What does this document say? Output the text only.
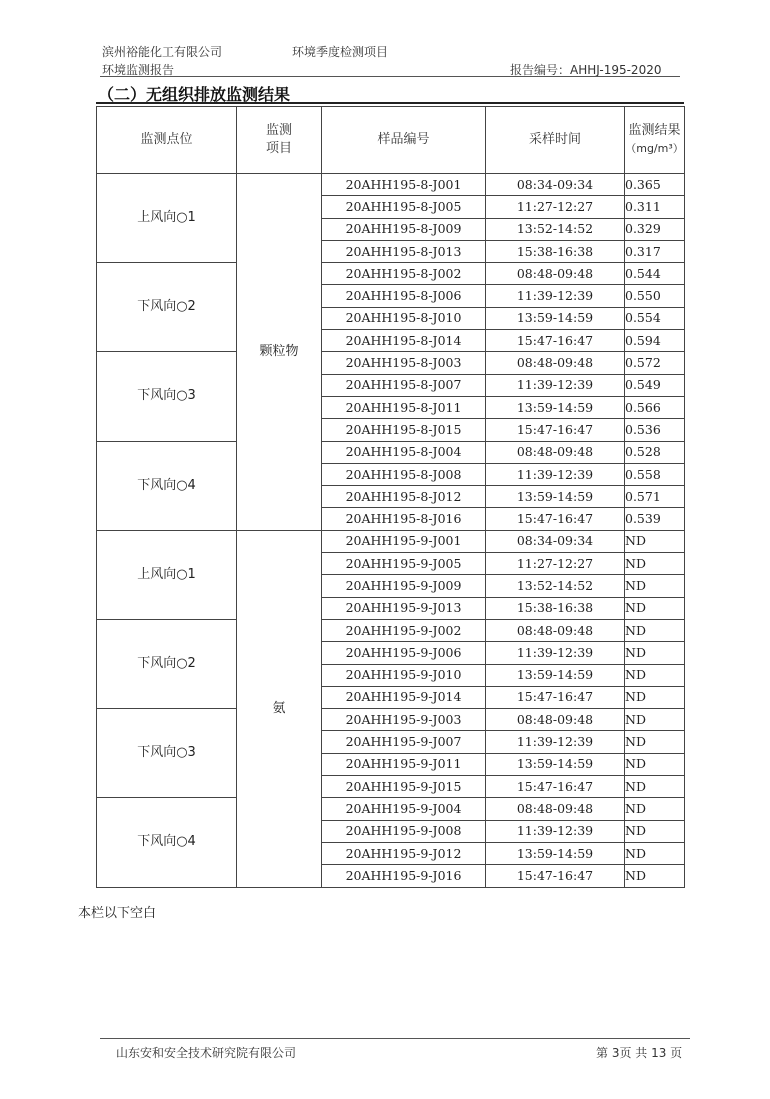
滨州裕能化工有限公司	环境季度检测项目
环境监测报告	报告编号：AHHJ-195-2020
（二）无组织排放监测结果
监测点位	监测项目	样品编号	采样时间	监测结果
（mg/m³）
上风向○1	颗粒物	20AHH195-8-J001	08:34-09:34	0.365
		20AHH195-8-J005	11:27-12:27	0.311
		20AHH195-8-J009	13:52-14:52	0.329
		20AHH195-8-J013	15:38-16:38	0.317
下风向○2		20AHH195-8-J002	08:48-09:48	0.544
		20AHH195-8-J006	11:39-12:39	0.550
		20AHH195-8-J010	13:59-14:59	0.554
		20AHH195-8-J014	15:47-16:47	0.594
下风向○3		20AHH195-8-J003	08:48-09:48	0.572
		20AHH195-8-J007	11:39-12:39	0.549
		20AHH195-8-J011	13:59-14:59	0.566
		20AHH195-8-J015	15:47-16:47	0.536
下风向○4		20AHH195-8-J004	08:48-09:48	0.528
		20AHH195-8-J008	11:39-12:39	0.558
		20AHH195-8-J012	13:59-14:59	0.571
		20AHH195-8-J016	15:47-16:47	0.539
上风向○1	氨	20AHH195-9-J001	08:34-09:34	ND
		20AHH195-9-J005	11:27-12:27	ND
		20AHH195-9-J009	13:52-14:52	ND
		20AHH195-9-J013	15:38-16:38	ND
下风向○2		20AHH195-9-J002	08:48-09:48	ND
		20AHH195-9-J006	11:39-12:39	ND
		20AHH195-9-J010	13:59-14:59	ND
		20AHH195-9-J014	15:47-16:47	ND
下风向○3		20AHH195-9-J003	08:48-09:48	ND
		20AHH195-9-J007	11:39-12:39	ND
		20AHH195-9-J011	13:59-14:59	ND
		20AHH195-9-J015	15:47-16:47	ND
下风向○4		20AHH195-9-J004	08:48-09:48	ND
		20AHH195-9-J008	11:39-12:39	ND
		20AHH195-9-J012	13:59-14:59	ND
		20AHH195-9-J016	15:47-16:47	ND
本栏以下空白
山东安和安全技术研究院有限公司	第 3页 共 13 页
